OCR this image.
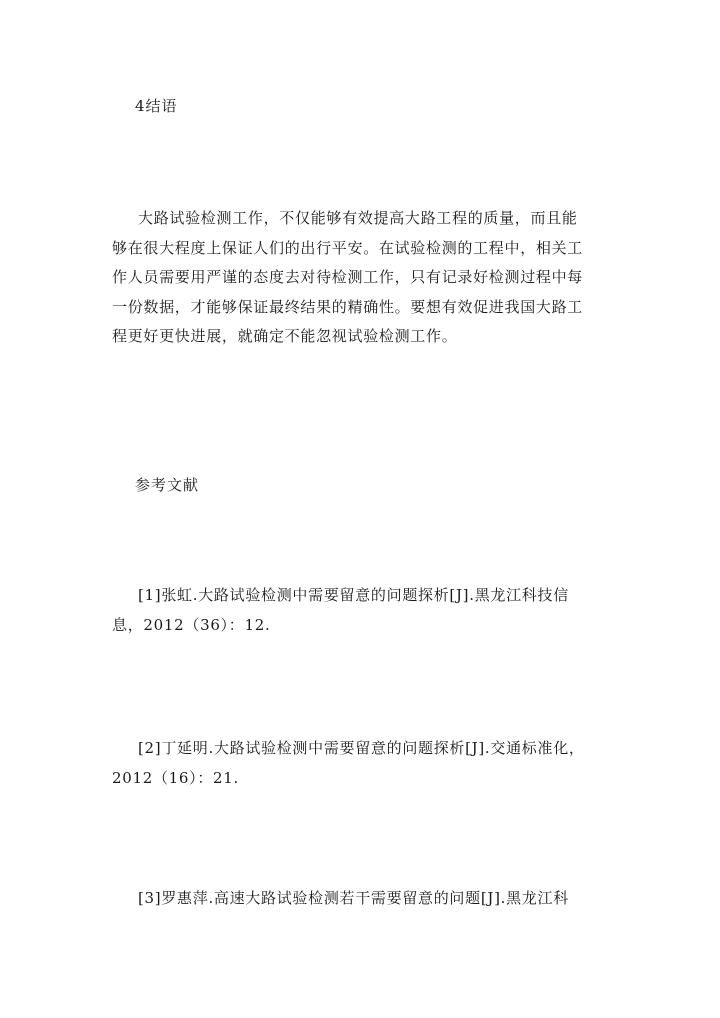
4结语
大路试验检测工作，不仅能够有效提高大路工程的质量，而且能
够在很大程度上保证人们的出行平安。在试验检测的工程中，相关工
作人员需要用严谨的态度去对待检测工作，只有记录好检测过程中每
一份数据，才能够保证最终结果的精确性。要想有效促进我国大路工
程更好更快进展，就确定不能忽视试验检测工作。
参考文献
[1]张虹.大路试验检测中需要留意的问题探析[J].黑龙江科技信
息，2012（36）：12.
[2]丁延明.大路试验检测中需要留意的问题探析[J].交通标准化，
2012（16）：21.
[3]罗惠萍.高速大路试验检测若干需要留意的问题[J].黑龙江科
